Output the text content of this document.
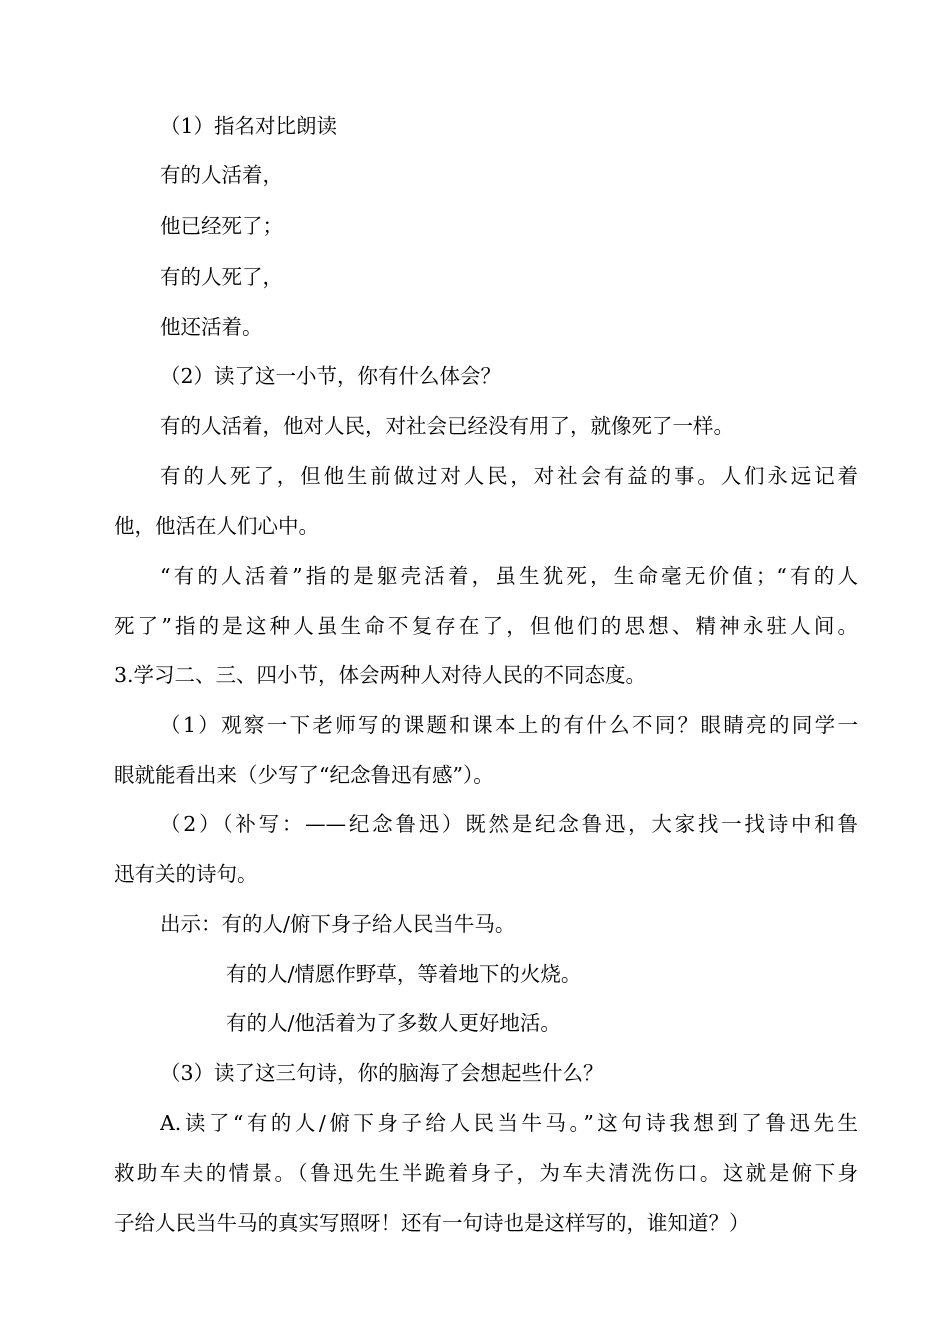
（1）指名对比朗读
有的人活着，
他已经死了；
有的人死了，
他还活着。
（2）读了这一小节，你有什么体会？
有的人活着，他对人民，对社会已经没有用了，就像死了一样。
有的人死了，但他生前做过对人民，对社会有益的事。人们永远记着
他，他活在人们心中。
“有的人活着”指的是躯壳活着，虽生犹死，生命毫无价值；“有的人
死了”指的是这种人虽生命不复存在了，但他们的思想、精神永驻人间。
3.学习二、三、四小节，体会两种人对待人民的不同态度。
（1）观察一下老师写的课题和课本上的有什么不同？眼睛亮的同学一
眼就能看出来（少写了“纪念鲁迅有感”）。
（2）（补写：——纪念鲁迅）既然是纪念鲁迅，大家找一找诗中和鲁
迅有关的诗句。
出示：有的人/俯下身子给人民当牛马。
有的人/情愿作野草，等着地下的火烧。
有的人/他活着为了多数人更好地活。
（3）读了这三句诗，你的脑海了会想起些什么？
A.读了“有的人/俯下身子给人民当牛马。”这句诗我想到了鲁迅先生
救助车夫的情景。（鲁迅先生半跪着身子，为车夫清洗伤口。这就是俯下身
子给人民当牛马的真实写照呀！还有一句诗也是这样写的，谁知道？）
